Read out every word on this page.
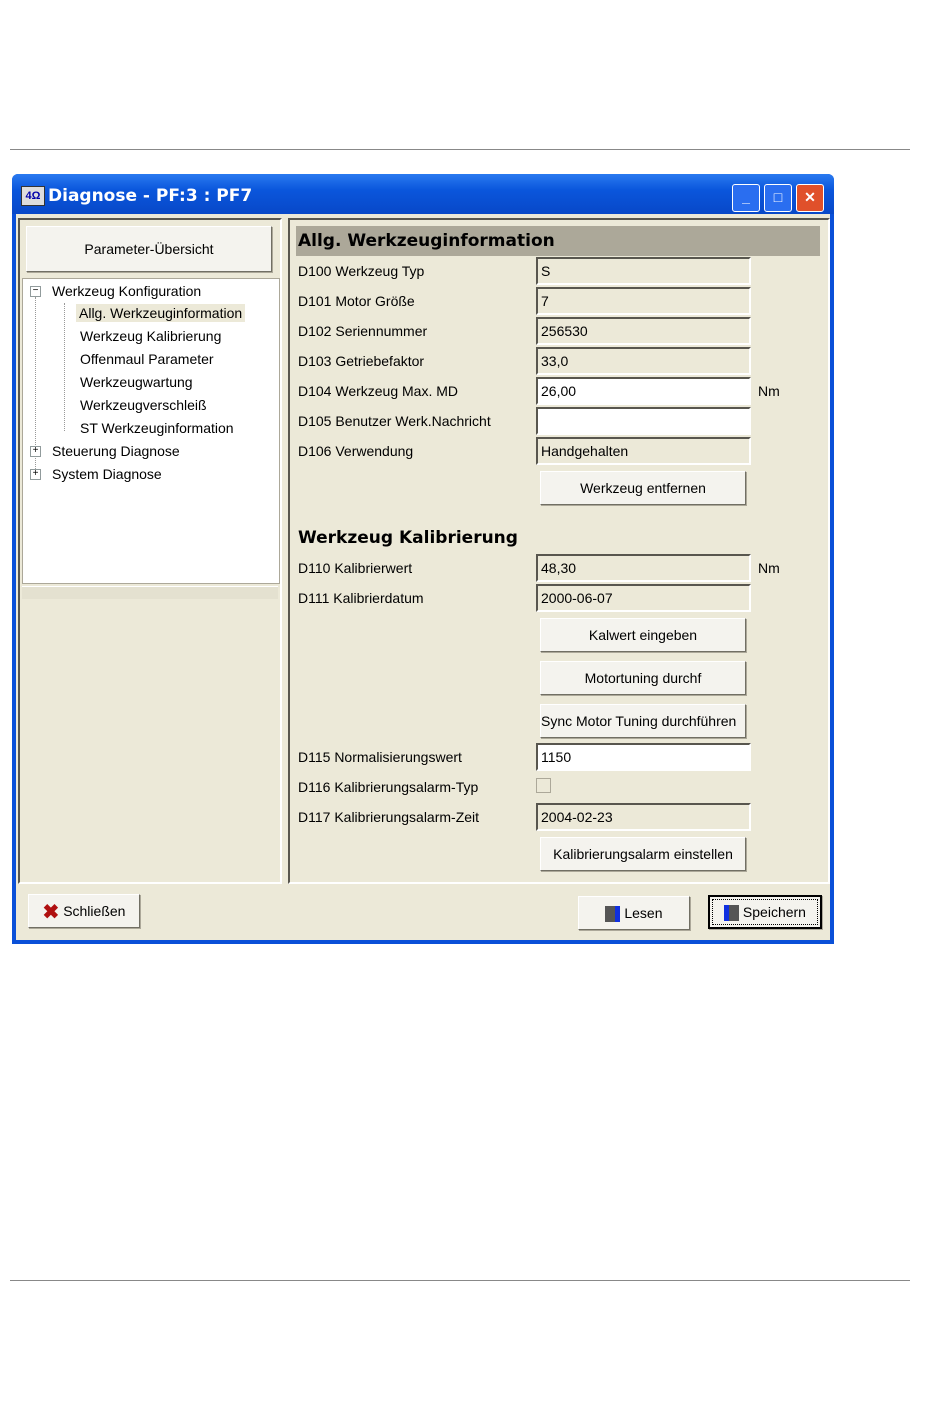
4Ω Diagnose - PF:3 : PF7	_	□	✕
Parameter-Übersicht
− Werkzeug Konfiguration
Allg. Werkzeuginformation
Werkzeug Kalibrierung
Offenmaul Parameter
Werkzeugwartung
Werkzeugverschleiß
ST Werkzeuginformation
+ Steuerung Diagnose
+ System Diagnose
Allg. Werkzeuginformation
D100 Werkzeug Typ	S
D101 Motor Größe	7
D102 Seriennummer	256530
D103 Getriebefaktor	33,0
D104 Werkzeug Max. MD	26,00	Nm
D105 Benutzer Werk.Nachricht
D106 Verwendung	Handgehalten
Werkzeug entfernen
Werkzeug Kalibrierung
D110 Kalibrierwert	48,30	Nm
D111 Kalibrierdatum	2000-06-07
Kalwert eingeben
Motortuning durchf
Sync Motor Tuning durchführen
D115 Normalisierungswert	1150
D116 Kalibrierungsalarm-Typ
D117 Kalibrierungsalarm-Zeit	2004-02-23
Kalibrierungsalarm einstellen
✖ Schließen	Lesen	Speichern
